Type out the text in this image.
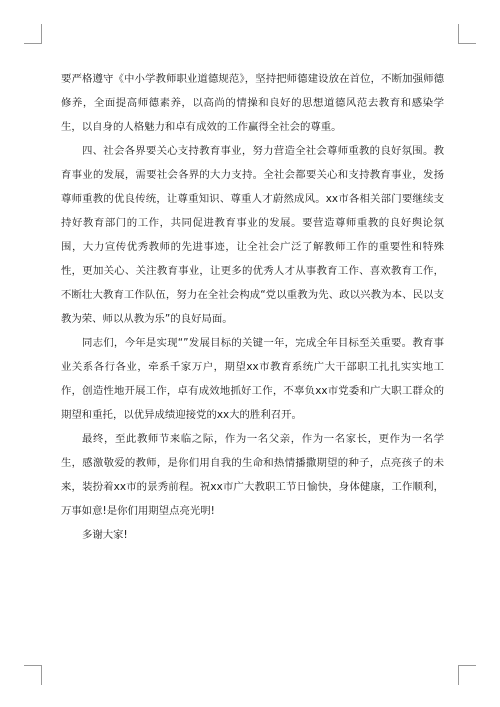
要严格遵守《中小学教师职业道德规范》，坚持把师德建设放在首位，不断加强师德修养，全面提高师德素养，以高尚的情操和良好的思想道德风范去教育和感染学生，以自身的人格魅力和卓有成效的工作赢得全社会的尊重。

四、社会各界要关心支持教育事业，努力营造全社会尊师重教的良好氛围。教育事业的发展，需要社会各界的大力支持。全社会都要关心和支持教育事业，发扬尊师重教的优良传统，让尊重知识、尊重人才蔚然成风。xx市各相关部门要继续支持好教育部门的工作，共同促进教育事业的发展。要营造尊师重教的良好舆论氛围，大力宣传优秀教师的先进事迹，让全社会广泛了解教师工作的重要性和特殊性，更加关心、关注教育事业，让更多的优秀人才从事教育工作、喜欢教育工作，不断壮大教育工作队伍，努力在全社会构成“党以重教为先、政以兴教为本、民以支教为荣、师以从教为乐”的良好局面。

同志们，今年是实现“”发展目标的关键一年，完成全年目标至关重要。教育事业关系各行各业，牵系千家万户，期望xx市教育系统广大干部职工扎扎实实地工作，创造性地开展工作，卓有成效地抓好工作，不辜负xx市党委和广大职工群众的期望和重托，以优异成绩迎接党的xx大的胜利召开。

最终，至此教师节来临之际，作为一名父亲，作为一名家长，更作为一名学生，感激敬爱的教师，是你们用自我的生命和热情播撒期望的种子，点亮孩子的未来，装扮着xx市的景秀前程。祝xx市广大教职工节日愉快，身体健康，工作顺利，万事如意!是你们用期望点亮光明!

多谢大家!
